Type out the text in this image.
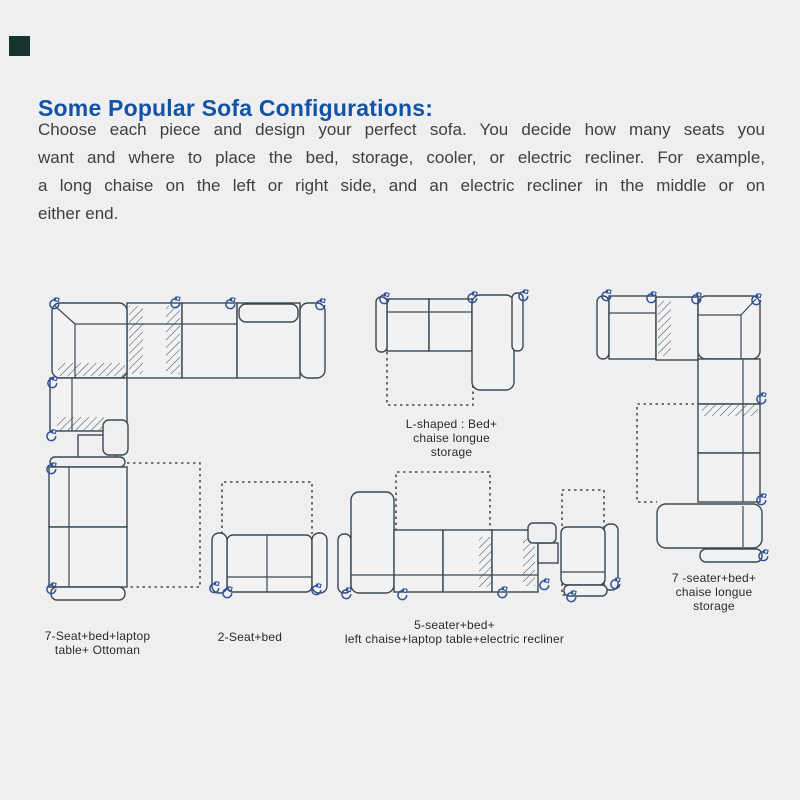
Some Popular Sofa Configurations:
Choose each piece and design your perfect sofa. You decide how many seats you
want and where to place the bed, storage, cooler, or electric recliner. For example,
a long chaise on the left or right side, and an electric recliner in the middle or on
either end.
7-Seat+bed+laptop
table+ Ottoman
2-Seat+bed
5-seater+bed+
left chaise+laptop table+electric recliner
L-shaped : Bed+
chaise longue
storage
7 -seater+bed+
chaise longue
storage
